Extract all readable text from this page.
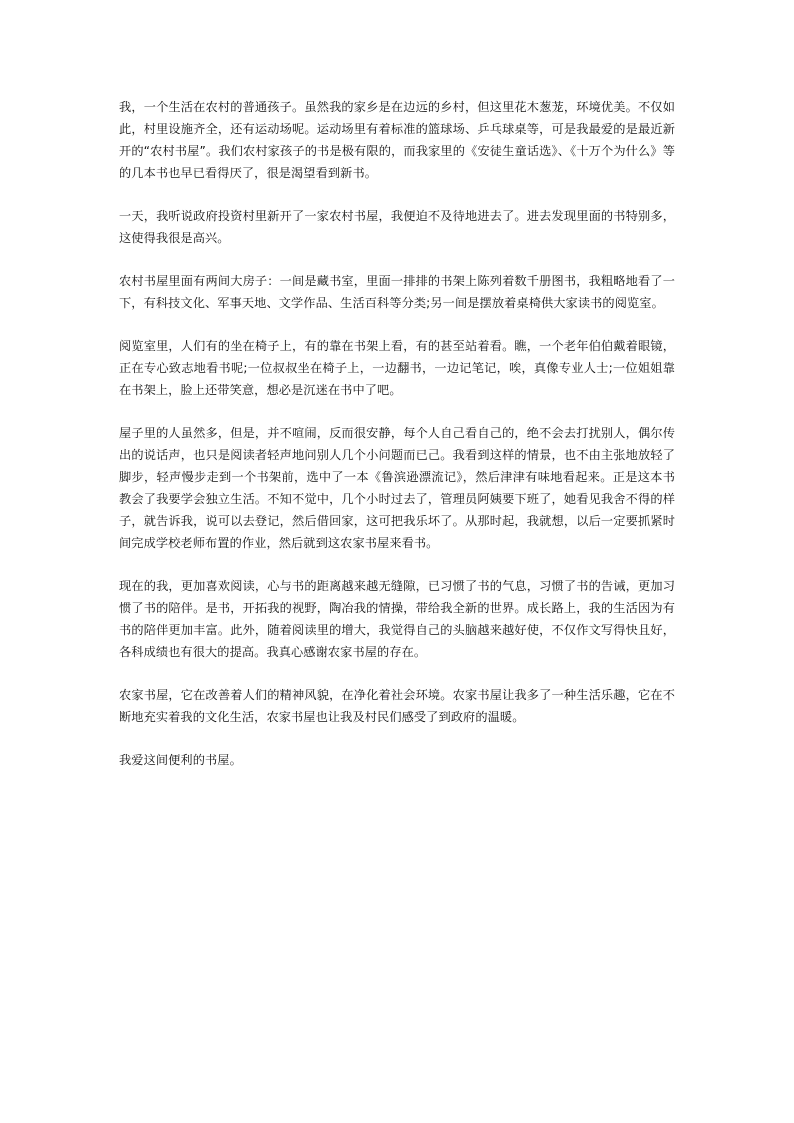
我，一个生活在农村的普通孩子。虽然我的家乡是在边远的乡村，但这里花木葱茏，环境优美。不仅如此，村里设施齐全，还有运动场呢。运动场里有着标准的篮球场、乒乓球桌等，可是我最爱的是最近新开的“农村书屋”。我们农村家孩子的书是极有限的，而我家里的《安徒生童话选》、《十万个为什么》等的几本书也早已看得厌了，很是渴望看到新书。

一天，我听说政府投资村里新开了一家农村书屋，我便迫不及待地进去了。进去发现里面的书特别多，这使得我很是高兴。

农村书屋里面有两间大房子：一间是藏书室，里面一排排的书架上陈列着数千册图书，我粗略地看了一下，有科技文化、军事天地、文学作品、生活百科等分类;另一间是摆放着桌椅供大家读书的阅览室。

阅览室里，人们有的坐在椅子上，有的靠在书架上看，有的甚至站着看。瞧，一个老年伯伯戴着眼镜，正在专心致志地看书呢;一位叔叔坐在椅子上，一边翻书，一边记笔记，唉，真像专业人士;一位姐姐靠在书架上，脸上还带笑意，想必是沉迷在书中了吧。

屋子里的人虽然多，但是，并不喧闹，反而很安静，每个人自己看自己的，绝不会去打扰别人，偶尔传出的说话声，也只是阅读者轻声地问别人几个小问题而已己。我看到这样的情景，也不由主张地放轻了脚步，轻声慢步走到一个书架前，选中了一本《鲁滨逊漂流记》，然后津津有味地看起来。正是这本书教会了我要学会独立生活。不知不觉中，几个小时过去了，管理员阿姨要下班了，她看见我舍不得的样子，就告诉我，说可以去登记，然后借回家，这可把我乐坏了。从那时起，我就想，以后一定要抓紧时间完成学校老师布置的作业，然后就到这农家书屋来看书。

现在的我，更加喜欢阅读，心与书的距离越来越无缝隙，已习惯了书的气息，习惯了书的告诫，更加习惯了书的陪伴。是书，开拓我的视野，陶冶我的情操，带给我全新的世界。成长路上，我的生活因为有书的陪伴更加丰富。此外，随着阅读里的增大，我觉得自己的头脑越来越好使，不仅作文写得快且好，各科成绩也有很大的提高。我真心感谢农家书屋的存在。

农家书屋，它在改善着人们的精神风貌，在净化着社会环境。农家书屋让我多了一种生活乐趣，它在不断地充实着我的文化生活，农家书屋也让我及村民们感受了到政府的温暖。

我爱这间便利的书屋。
